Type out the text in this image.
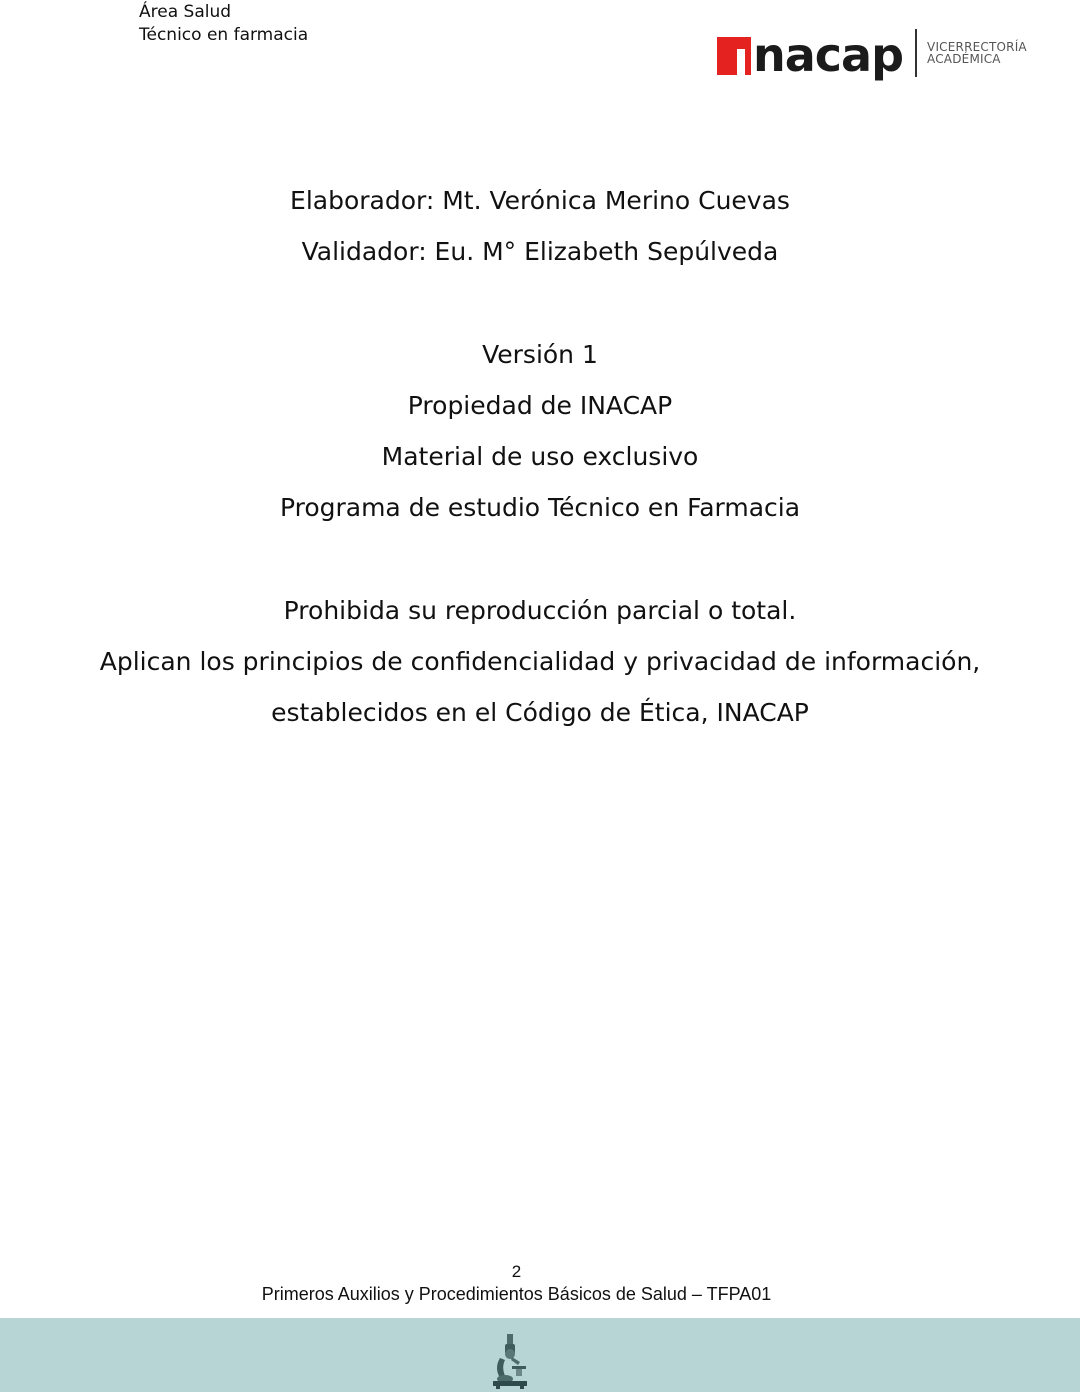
Área Salud
Técnico en farmacia	nacap VICERRECTORÍA
ACADÉMICA
Elaborador: Mt. Verónica Merino Cuevas
Validador: Eu. M° Elizabeth Sepúlveda
Versión 1
Propiedad de INACAP
Material de uso exclusivo
Programa de estudio Técnico en Farmacia
Prohibida su reproducción parcial o total.
Aplican los principios de confidencialidad y privacidad de información,
establecidos en el Código de Ética, INACAP
2
Primeros Auxilios y Procedimientos Básicos de Salud – TFPA01
